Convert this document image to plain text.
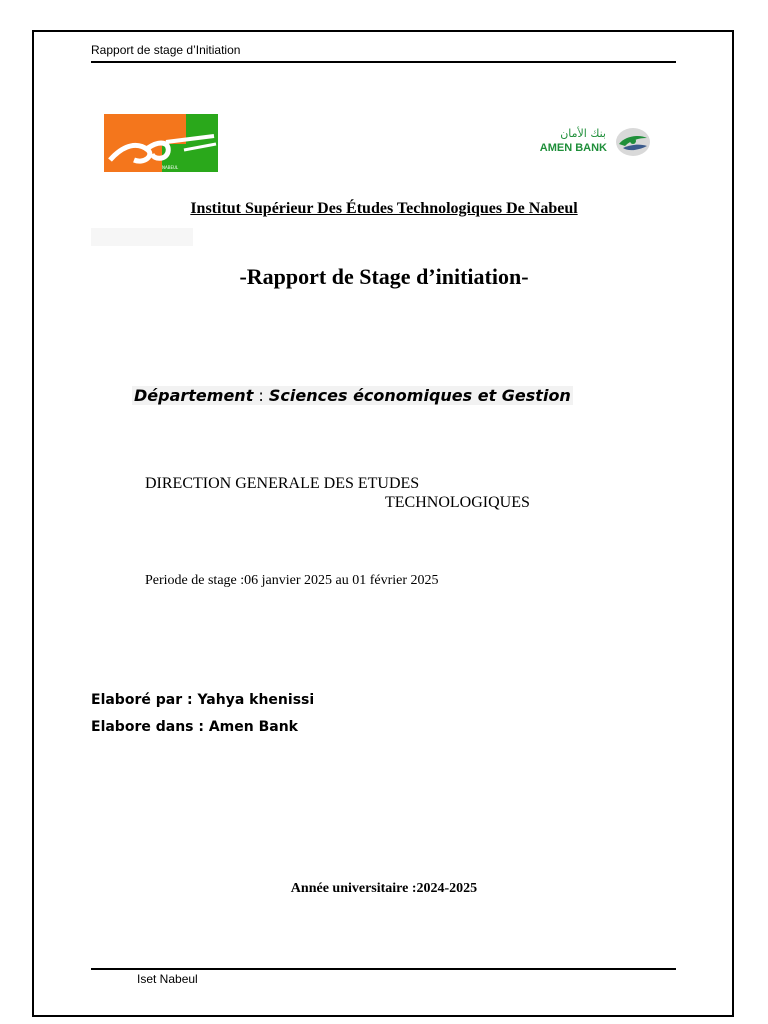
Rapport de stage d’Initiation
NABEUL
بنك الأمان
AMEN BANK
Institut Supérieur Des Études Technologiques De Nabeul
-Rapport de Stage d’initiation-
Département : Sciences économiques et Gestion
DIRECTION GENERALE DES ETUDES
TECHNOLOGIQUES
Periode de stage :06 janvier 2025 au 01 février 2025
Elaboré par : Yahya khenissi
Elabore dans : Amen Bank
Année universitaire :2024-2025
Iset Nabeul
